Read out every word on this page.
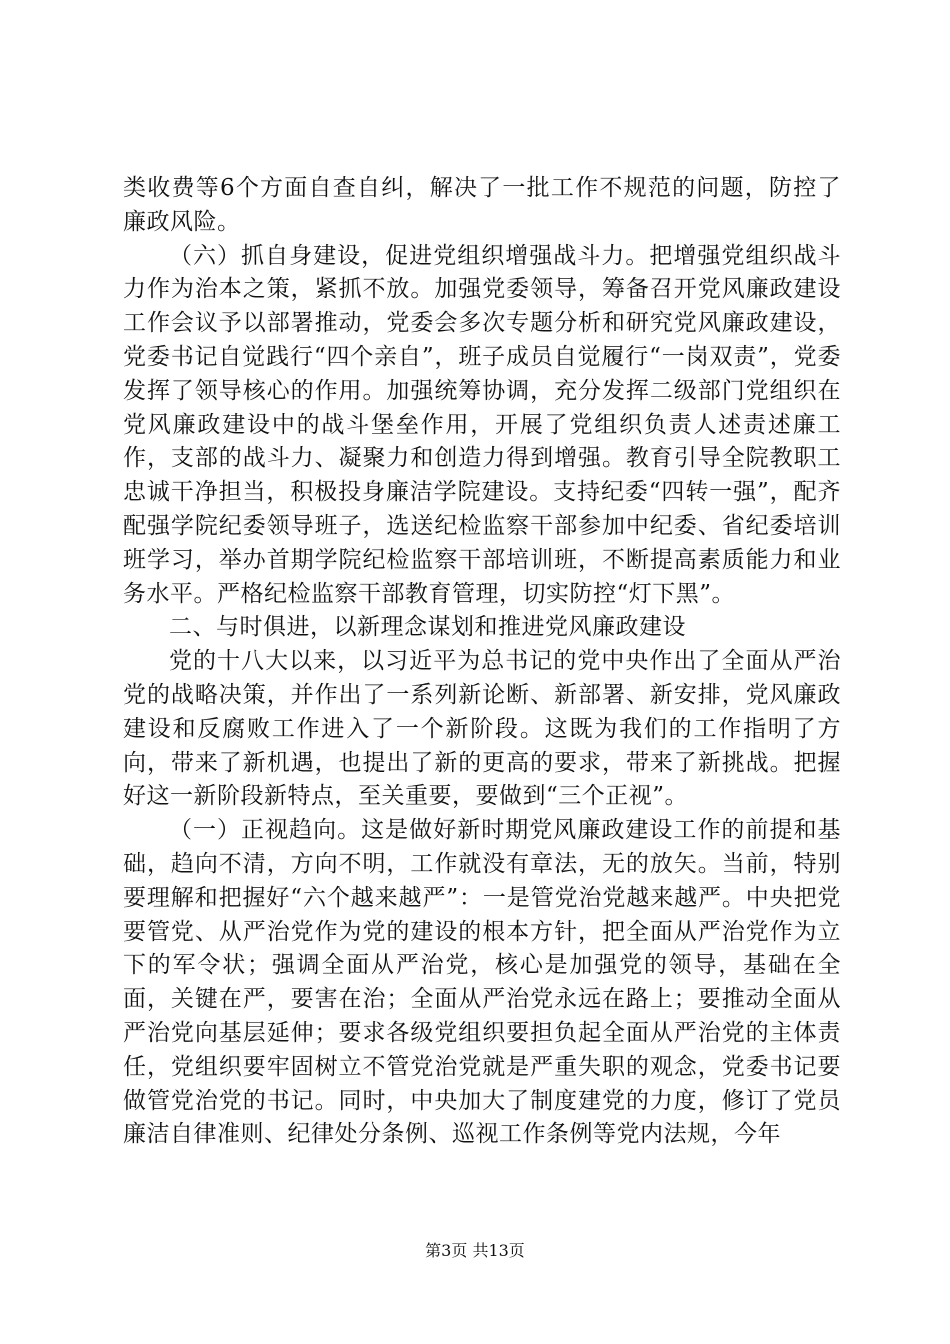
类收费等6个方面自查自纠，解决了一批工作不规范的问题，防控了廉政风险。

（六）抓自身建设，促进党组织增强战斗力。把增强党组织战斗力作为治本之策，紧抓不放。加强党委领导，筹备召开党风廉政建设工作会议予以部署推动，党委会多次专题分析和研究党风廉政建设，党委书记自觉践行“四个亲自”，班子成员自觉履行“一岗双责”，党委发挥了领导核心的作用。加强统筹协调，充分发挥二级部门党组织在党风廉政建设中的战斗堡垒作用，开展了党组织负责人述责述廉工作，支部的战斗力、凝聚力和创造力得到增强。教育引导全院教职工忠诚干净担当，积极投身廉洁学院建设。支持纪委“四转一强”，配齐配强学院纪委领导班子，选送纪检监察干部参加中纪委、省纪委培训班学习，举办首期学院纪检监察干部培训班，不断提高素质能力和业务水平。严格纪检监察干部教育管理，切实防控“灯下黑”。

二、与时俱进，以新理念谋划和推进党风廉政建设

党的十八大以来，以习近平为总书记的党中央作出了全面从严治党的战略决策，并作出了一系列新论断、新部署、新安排，党风廉政建设和反腐败工作进入了一个新阶段。这既为我们的工作指明了方向，带来了新机遇，也提出了新的更高的要求，带来了新挑战。把握好这一新阶段新特点，至关重要，要做到“三个正视”。

（一）正视趋向。这是做好新时期党风廉政建设工作的前提和基础，趋向不清，方向不明，工作就没有章法，无的放矢。当前，特别要理解和把握好“六个越来越严”：一是管党治党越来越严。中央把党要管党、从严治党作为党的建设的根本方针，把全面从严治党作为立下的军令状；强调全面从严治党，核心是加强党的领导，基础在全面，关键在严，要害在治；全面从严治党永远在路上；要推动全面从严治党向基层延伸；要求各级党组织要担负起全面从严治党的主体责任，党组织要牢固树立不管党治党就是严重失职的观念，党委书记要做管党治党的书记。同时，中央加大了制度建党的力度，修订了党员廉洁自律准则、纪律处分条例、巡视工作条例等党内法规，今年

第3页 共13页
